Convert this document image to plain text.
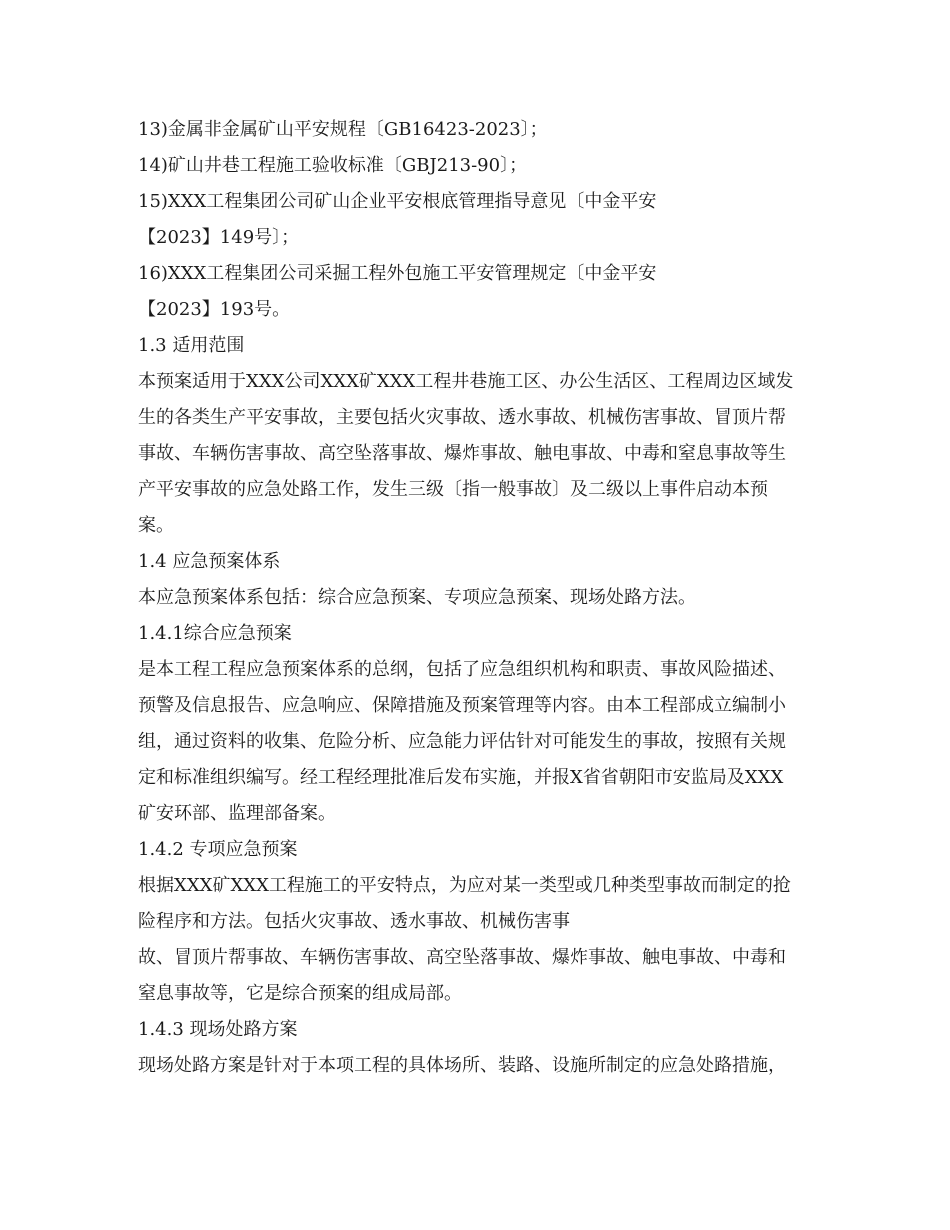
13)金属非金属矿山平安规程〔GB16423-2023〕；
14)矿山井巷工程施工验收标准〔GBJ213-90〕；
15)XXX工程集团公司矿山企业平安根底管理指导意见〔中金平安
【2023】149号〕；
16)XXX工程集团公司采掘工程外包施工平安管理规定〔中金平安
【2023】193号。
1.3 适用范围
本预案适用于XXX公司XXX矿XXX工程井巷施工区、办公生活区、工程周边区域发
生的各类生产平安事故，主要包括火灾事故、透水事故、机械伤害事故、冒顶片帮
事故、车辆伤害事故、高空坠落事故、爆炸事故、触电事故、中毒和窒息事故等生
产平安事故的应急处路工作，发生三级〔指一般事故〕及二级以上事件启动本预
案。
1.4 应急预案体系
本应急预案体系包括：综合应急预案、专项应急预案、现场处路方法。
1.4.1综合应急预案
是本工程工程应急预案体系的总纲，包括了应急组织机构和职责、事故风险描述、
预警及信息报告、应急响应、保障措施及预案管理等内容。由本工程部成立编制小
组，通过资料的收集、危险分析、应急能力评估针对可能发生的事故，按照有关规
定和标准组织编写。经工程经理批准后发布实施，并报X省省朝阳市安监局及XXX
矿安环部、监理部备案。
1.4.2 专项应急预案
根据XXX矿XXX工程施工的平安特点，为应对某一类型或几种类型事故而制定的抢
险程序和方法。包括火灾事故、透水事故、机械伤害事
故、冒顶片帮事故、车辆伤害事故、高空坠落事故、爆炸事故、触电事故、中毒和
窒息事故等，它是综合预案的组成局部。
1.4.3 现场处路方案
现场处路方案是针对于本项工程的具体场所、装路、设施所制定的应急处路措施，
